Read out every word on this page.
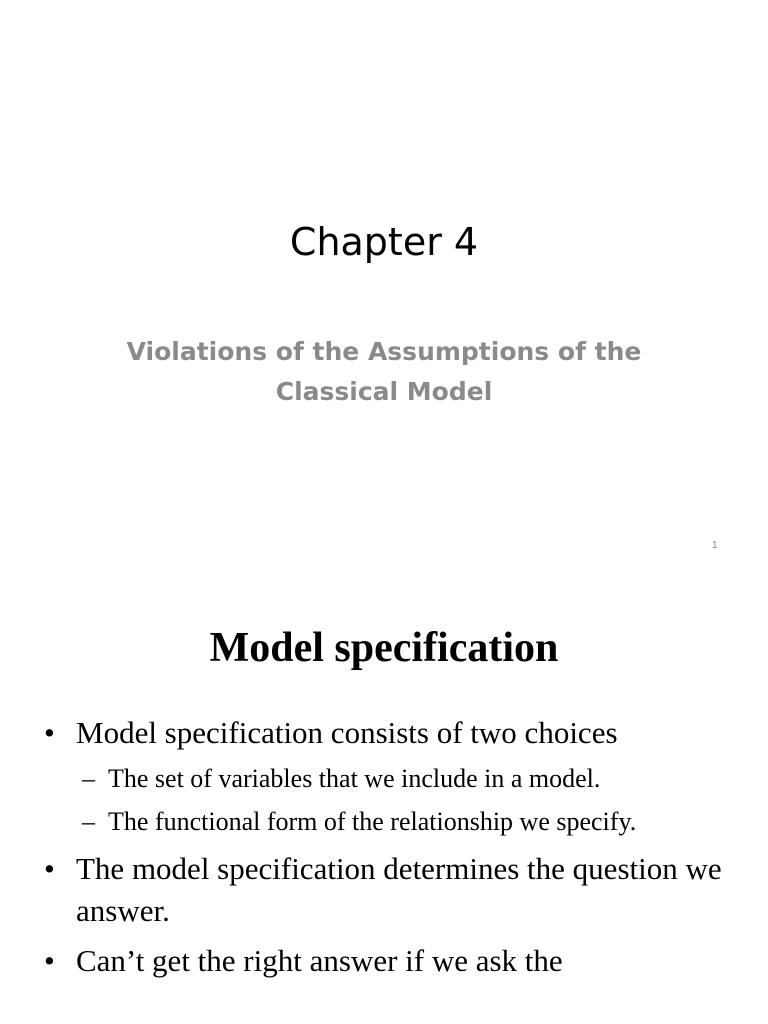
Chapter 4
Violations of the Assumptions of the Classical Model
1
Model specification
• Model specification consists of two choices
– The set of variables that we include in a model.
– The functional form of the relationship we specify.
• The model specification determines the question we answer.
• Can’t get the right answer if we ask the
